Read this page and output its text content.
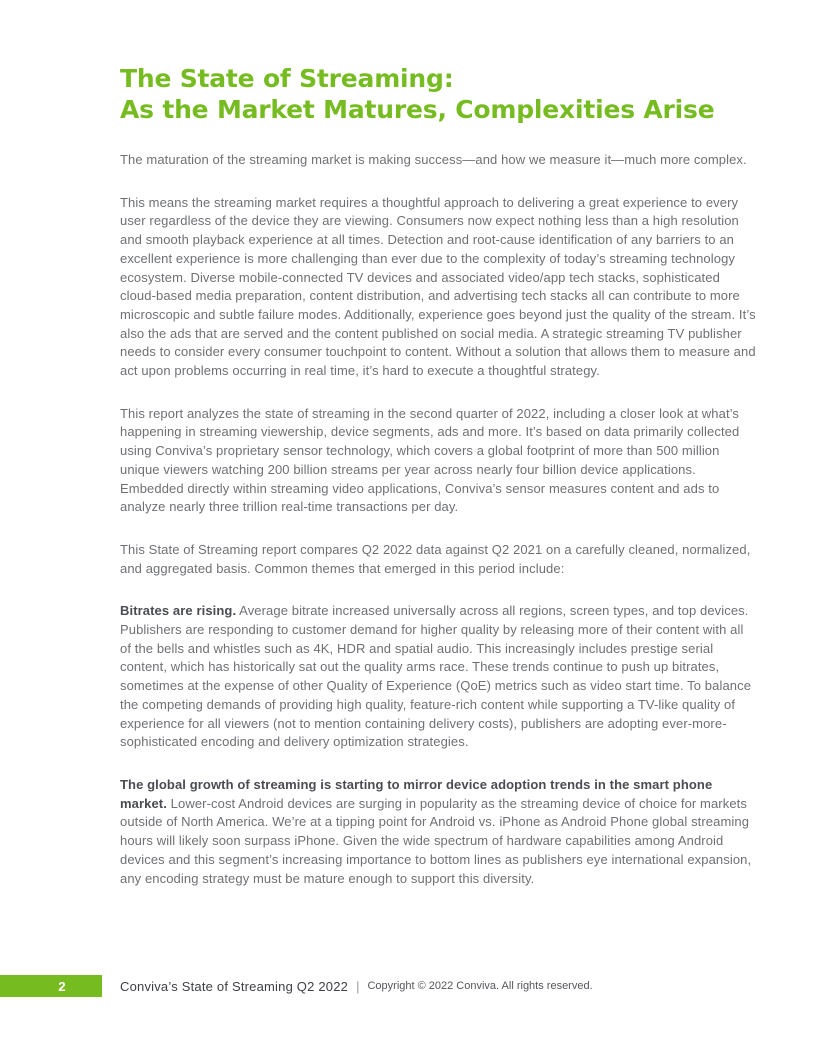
The State of Streaming:
As the Market Matures, Complexities Arise

The maturation of the streaming market is making success—and how we measure it—much more complex.

This means the streaming market requires a thoughtful approach to delivering a great experience to every user regardless of the device they are viewing. Consumers now expect nothing less than a high resolution and smooth playback experience at all times. Detection and root-cause identification of any barriers to an excellent experience is more challenging than ever due to the complexity of today’s streaming technology ecosystem. Diverse mobile-connected TV devices and associated video/app tech stacks, sophisticated cloud-based media preparation, content distribution, and advertising tech stacks all can contribute to more microscopic and subtle failure modes. Additionally, experience goes beyond just the quality of the stream. It’s also the ads that are served and the content published on social media. A strategic streaming TV publisher needs to consider every consumer touchpoint to content. Without a solution that allows them to measure and act upon problems occurring in real time, it’s hard to execute a thoughtful strategy.

This report analyzes the state of streaming in the second quarter of 2022, including a closer look at what’s happening in streaming viewership, device segments, ads and more. It’s based on data primarily collected using Conviva’s proprietary sensor technology, which covers a global footprint of more than 500 million unique viewers watching 200 billion streams per year across nearly four billion device applications. Embedded directly within streaming video applications, Conviva’s sensor measures content and ads to analyze nearly three trillion real-time transactions per day.

This State of Streaming report compares Q2 2022 data against Q2 2021 on a carefully cleaned, normalized, and aggregated basis. Common themes that emerged in this period include:

Bitrates are rising. Average bitrate increased universally across all regions, screen types, and top devices. Publishers are responding to customer demand for higher quality by releasing more of their content with all of the bells and whistles such as 4K, HDR and spatial audio. This increasingly includes prestige serial content, which has historically sat out the quality arms race. These trends continue to push up bitrates, sometimes at the expense of other Quality of Experience (QoE) metrics such as video start time. To balance the competing demands of providing high quality, feature-rich content while supporting a TV-like quality of experience for all viewers (not to mention containing delivery costs), publishers are adopting ever-more-sophisticated encoding and delivery optimization strategies.

The global growth of streaming is starting to mirror device adoption trends in the smart phone market. Lower-cost Android devices are surging in popularity as the streaming device of choice for markets outside of North America. We’re at a tipping point for Android vs. iPhone as Android Phone global streaming hours will likely soon surpass iPhone. Given the wide spectrum of hardware capabilities among Android devices and this segment’s increasing importance to bottom lines as publishers eye international expansion, any encoding strategy must be mature enough to support this diversity.

2	Conviva’s State of Streaming Q2 2022 | Copyright © 2022 Conviva. All rights reserved.
